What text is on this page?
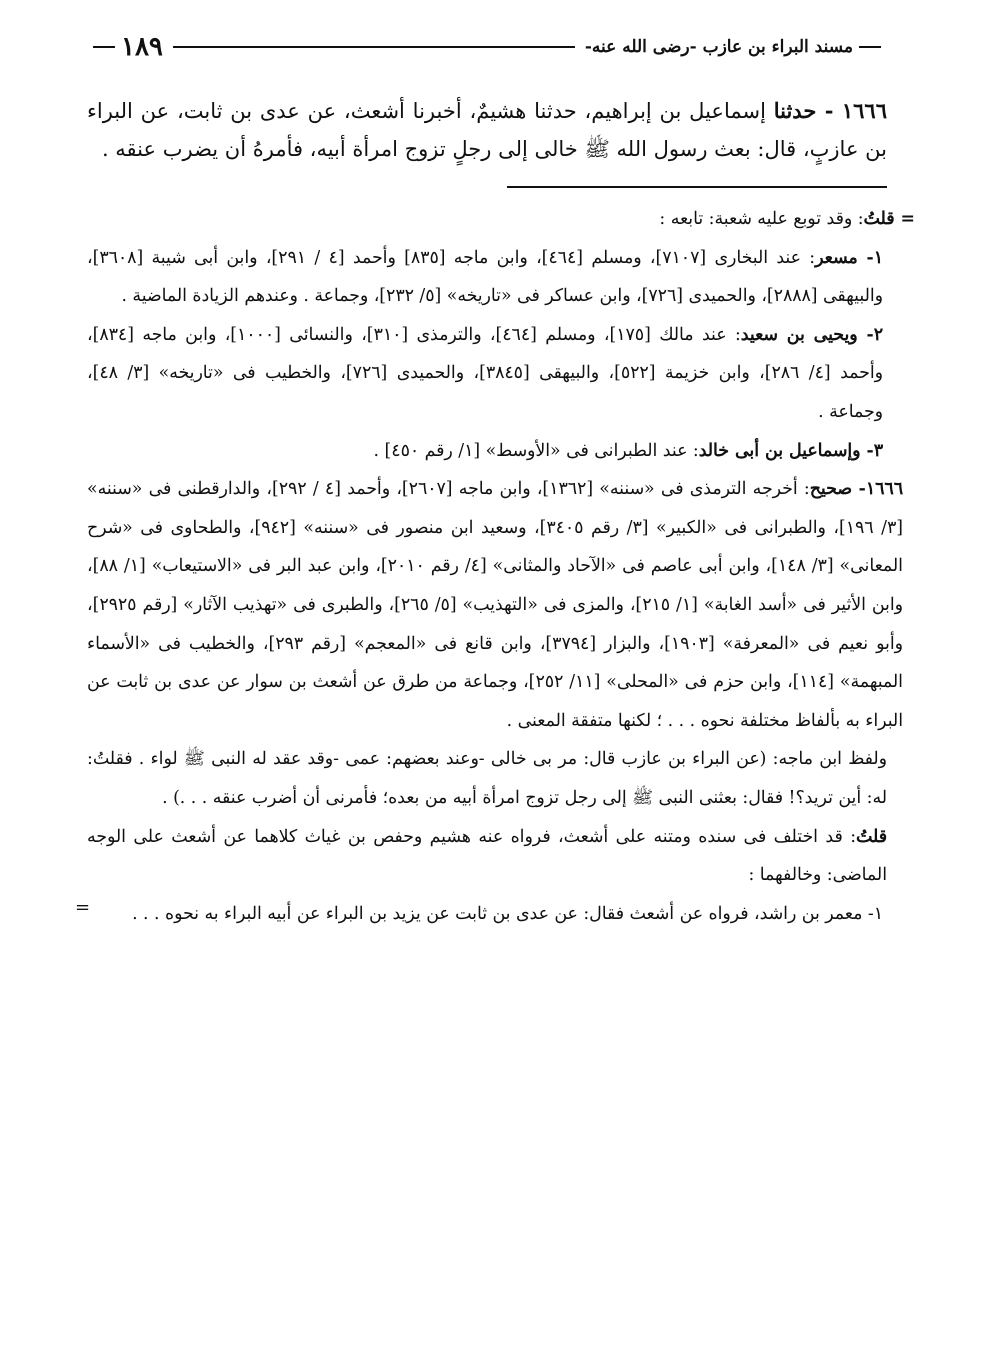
مسند البراء بن عازب -رضى الله عنه-
١٨٩
١٦٦٦ - حدثنا إسماعيل بن إبراهيم، حدثنا هشيمٌ، أخبرنا أشعث، عن عدى بن ثابت، عن البراء بن عازبٍ، قال: بعث رسول الله ﷺ خالى إلى رجلٍ تزوج امرأة أبيه، فأمرهُ أن يضرب عنقه .

= قلتُ: وقد توبع عليه شعبة: تابعه :

١- مسعر: عند البخارى [٧١٠٧]، ومسلم [٤٦٤]، وابن ماجه [٨٣٥] وأحمد [٤ / ٢٩١]، وابن أبى شيبة [٣٦٠٨]، والبيهقى [٢٨٨٨]، والحميدى [٧٢٦]، وابن عساكر فى «تاريخه» [٥/ ٢٣٢]، وجماعة . وعندهم الزيادة الماضية .

٢- ويحيى بن سعيد: عند مالك [١٧٥]، ومسلم [٤٦٤]، والترمذى [٣١٠]، والنسائى [١٠٠٠]، وابن ماجه [٨٣٤]، وأحمد [٤/ ٢٨٦]، وابن خزيمة [٥٢٢]، والبيهقى [٣٨٤٥]، والحميدى [٧٢٦]، والخطيب فى «تاريخه» [٣/ ٤٨]، وجماعة .

٣- وإسماعيل بن أبى خالد: عند الطبرانى فى «الأوسط» [١/ رقم ٤٥٠] .

١٦٦٦- صحيح: أخرجه الترمذى فى «سننه» [١٣٦٢]، وابن ماجه [٢٦٠٧]، وأحمد [٤ / ٢٩٢]، والدارقطنى فى «سننه» [٣/ ١٩٦]، والطبرانى فى «الكبير» [٣/ رقم ٣٤٠٥]، وسعيد ابن منصور فى «سننه» [٩٤٢]، والطحاوى فى «شرح المعانى» [٣/ ١٤٨]، وابن أبى عاصم فى «الآحاد والمثانى» [٤/ رقم ٢٠١٠]، وابن عبد البر فى «الاستيعاب» [١/ ٨٨]، وابن الأثير فى «أسد الغابة» [١/ ٢١٥]، والمزى فى «التهذيب» [٥/ ٢٦٥]، والطبرى فى «تهذيب الآثار» [رقم ٢٩٢٥]، وأبو نعيم فى «المعرفة» [١٩٠٣]، والبزار [٣٧٩٤]، وابن قانع فى «المعجم» [رقم ٢٩٣]، والخطيب فى «الأسماء المبهمة» [١١٤]، وابن حزم فى «المحلى» [١١/ ٢٥٢]، وجماعة من طرق عن أشعث بن سوار عن عدى بن ثابت عن البراء به بألفاظ مختلفة نحوه . . . ؛ لكنها متفقة المعنى .

ولفظ ابن ماجه: (عن البراء بن عازب قال: مر بى خالى -وعند بعضهم: عمى -وقد عقد له النبى ﷺ لواء . فقلتُ: له: أين تريد؟! فقال: بعثنى النبى ﷺ إلى رجل تزوج امرأة أبيه من بعده؛ فأمرنى أن أضرب عنقه . . .) .

قلتُ: قد اختلف فى سنده ومتنه على أشعث، فرواه عنه هشيم وحفص بن غياث كلاهما عن أشعث على الوجه الماضى: وخالفهما :

١- معمر بن راشد، فرواه عن أشعث فقال: عن عدى بن ثابت عن يزيد بن البراء عن أبيه البراء به نحوه . . .
=
